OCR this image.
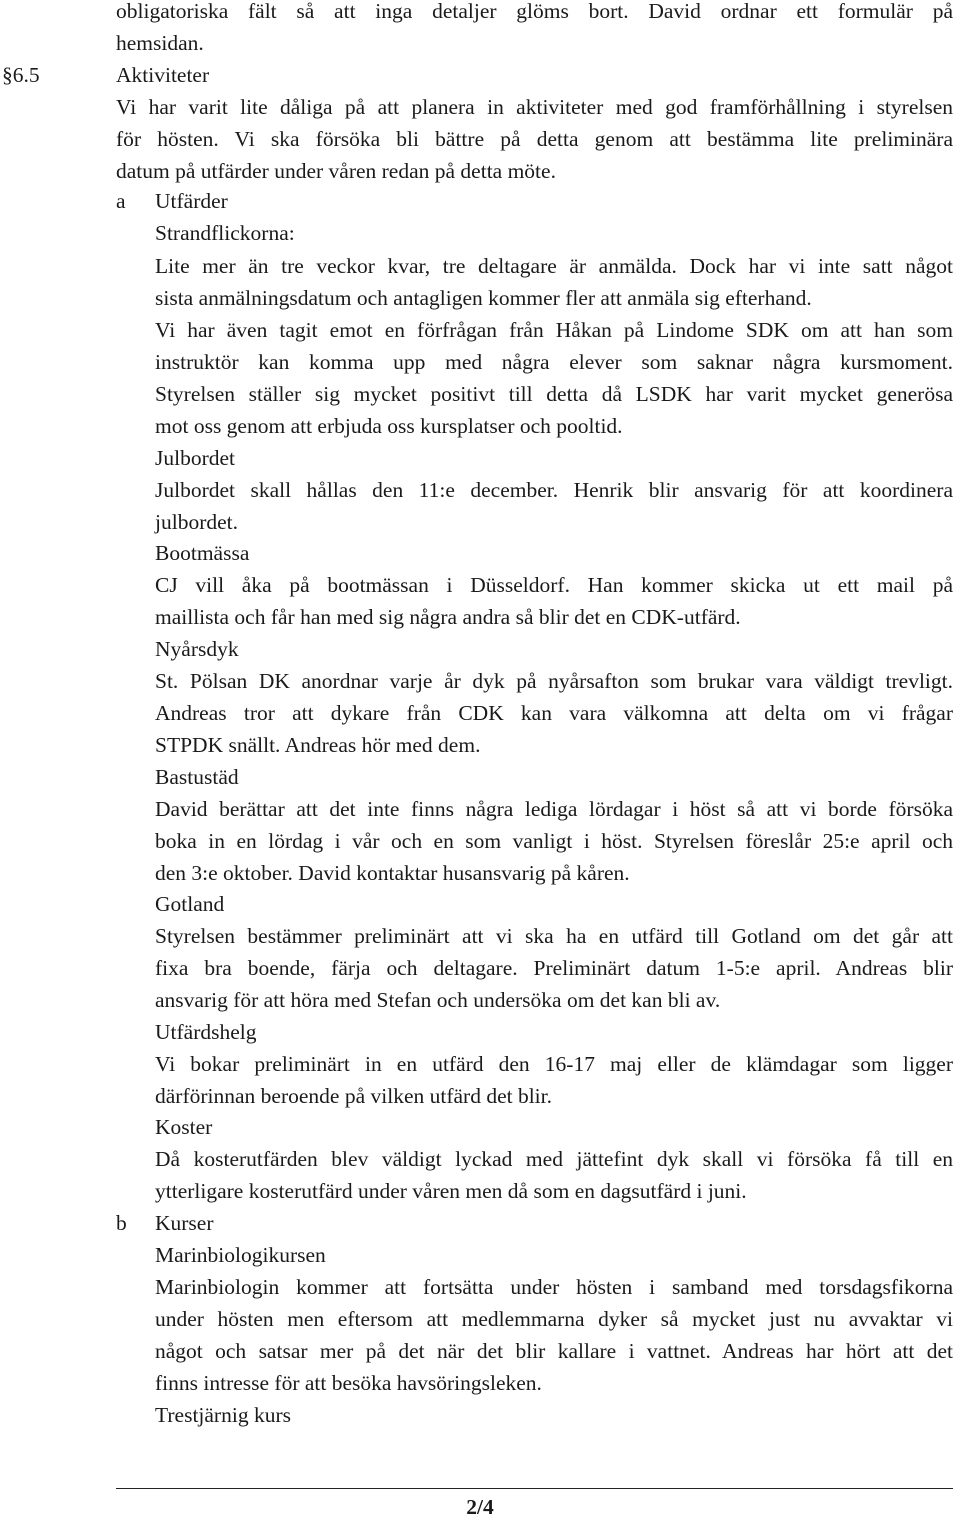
obligatoriska fält så att inga detaljer glöms bort. David ordnar ett formulär på
hemsidan.
§6.5	Aktiviteter
Vi har varit lite dåliga på att planera in aktiviteter med god framförhållning i styrelsen
för hösten. Vi ska försöka bli bättre på detta genom att bestämma lite preliminära
datum på utfärder under våren redan på detta möte.
a Utfärder
Strandflickorna:
Lite mer än tre veckor kvar, tre deltagare är anmälda. Dock har vi inte satt något
sista anmälningsdatum och antagligen kommer fler att anmäla sig efterhand.
Vi har även tagit emot en förfrågan från Håkan på Lindome SDK om att han som
instruktör kan komma upp med några elever som saknar några kursmoment.
Styrelsen ställer sig mycket positivt till detta då LSDK har varit mycket generösa
mot oss genom att erbjuda oss kursplatser och pooltid.
Julbordet
Julbordet skall hållas den 11:e december. Henrik blir ansvarig för att koordinera
julbordet.
Bootmässa
CJ vill åka på bootmässan i Düsseldorf. Han kommer skicka ut ett mail på
maillista och får han med sig några andra så blir det en CDK-utfärd.
Nyårsdyk
St. Pölsan DK anordnar varje år dyk på nyårsafton som brukar vara väldigt trevligt.
Andreas tror att dykare från CDK kan vara välkomna att delta om vi frågar
STPDK snällt. Andreas hör med dem.
Bastustäd
David berättar att det inte finns några lediga lördagar i höst så att vi borde försöka
boka in en lördag i vår och en som vanligt i höst. Styrelsen föreslår 25:e april och
den 3:e oktober. David kontaktar husansvarig på kåren.
Gotland
Styrelsen bestämmer preliminärt att vi ska ha en utfärd till Gotland om det går att
fixa bra boende, färja och deltagare. Preliminärt datum 1-5:e april. Andreas blir
ansvarig för att höra med Stefan och undersöka om det kan bli av.
Utfärdshelg
Vi bokar preliminärt in en utfärd den 16-17 maj eller de klämdagar som ligger
därförinnan beroende på vilken utfärd det blir.
Koster
Då kosterutfärden blev väldigt lyckad med jättefint dyk skall vi försöka få till en
ytterligare kosterutfärd under våren men då som en dagsutfärd i juni.
b Kurser
Marinbiologikursen
Marinbiologin kommer att fortsätta under hösten i samband med torsdagsfikorna
under hösten men eftersom att medlemmarna dyker så mycket just nu avvaktar vi
något och satsar mer på det när det blir kallare i vattnet. Andreas har hört att det
finns intresse för att besöka havsöringsleken.
Trestjärnig kurs
2/4
